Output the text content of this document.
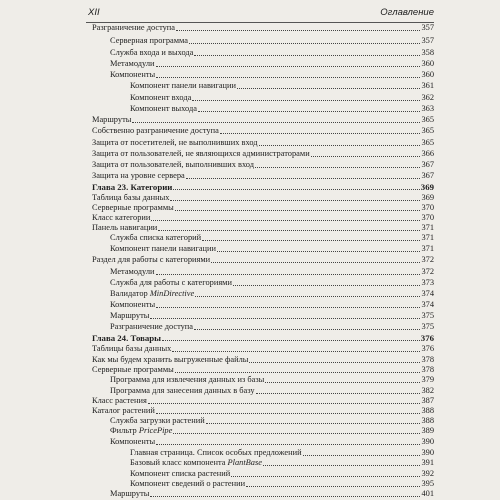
XII	Оглавление
Разграничение доступа	357
Серверная программа	357
Служба входа и выхода	358
Метамодули	360
Компоненты	360
Компонент панели навигации	361
Компонент входа	362
Компонент выхода	363
Маршруты	365
Собственно разграничение доступа	365
Защита от посетителей, не выполнивших вход	365
Защита от пользователей, не являющихся администраторами	366
Защита от пользователей, выполнивших вход	367
Защита на уровне сервера	367
Глава 23. Категории	369
Таблица базы данных	369
Серверные программы	370
Класс категории	370
Панель навигации	371
Служба списка категорий	371
Компонент панели навигации	371
Раздел для работы с категориями	372
Метамодули	372
Служба для работы с категориями	373
Валидатор MinDirective	374
Компоненты	374
Маршруты	375
Разграничение доступа	375
Глава 24. Товары	376
Таблицы базы данных	376
Как мы будем хранить выгруженные файлы	378
Серверные программы	378
Программа для извлечения данных из базы	379
Программа для занесения данных в базу	382
Класс растения	387
Каталог растений	388
Служба загрузки растений	388
Фильтр PricePipe	389
Компоненты	390
Главная страница. Список особых предложений	390
Базовый класс компонента PlantBase	391
Компонент списка растений	392
Компонент сведений о растении	395
Маршруты	401
